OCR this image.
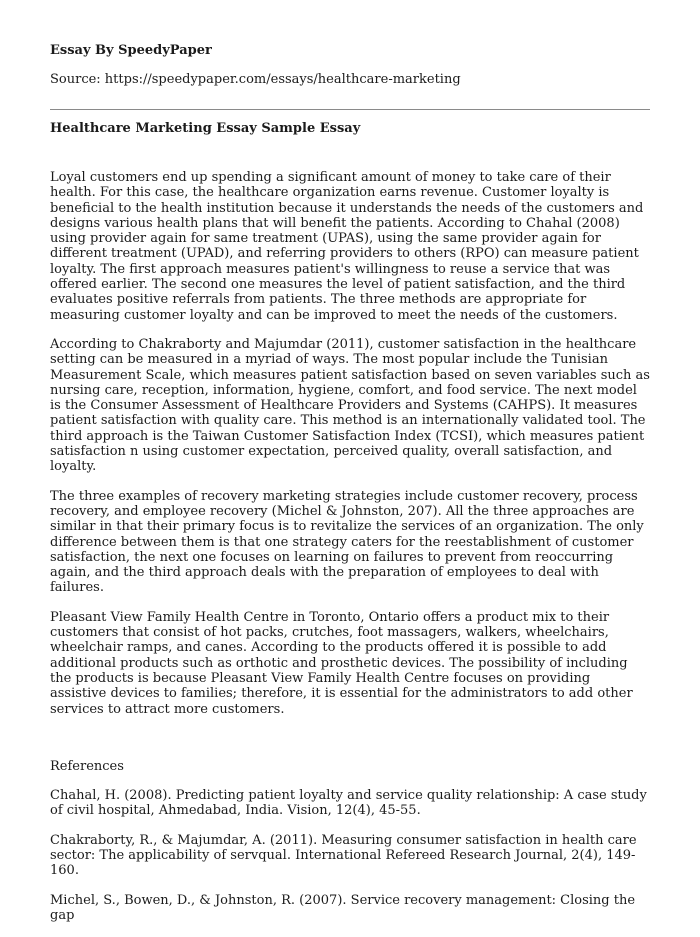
Essay By SpeedyPaper
Source: https://speedypaper.com/essays/healthcare-marketing
Healthcare Marketing Essay Sample Essay

Loyal customers end up spending a significant amount of money to take care of their health. For this case, the healthcare organization earns revenue. Customer loyalty is beneficial to the health institution because it understands the needs of the customers and designs various health plans that will benefit the patients. According to Chahal (2008) using provider again for same treatment (UPAS), using the same provider again for different treatment (UPAD), and referring providers to others (RPO) can measure patient loyalty. The first approach measures patient's willingness to reuse a service that was offered earlier. The second one measures the level of patient satisfaction, and the third evaluates positive referrals from patients. The three methods are appropriate for measuring customer loyalty and can be improved to meet the needs of the customers.

According to Chakraborty and Majumdar (2011), customer satisfaction in the healthcare setting can be measured in a myriad of ways. The most popular include the Tunisian Measurement Scale, which measures patient satisfaction based on seven variables such as nursing care, reception, information, hygiene, comfort, and food service. The next model is the Consumer Assessment of Healthcare Providers and Systems (CAHPS). It measures patient satisfaction with quality care. This method is an internationally validated tool. The third approach is the Taiwan Customer Satisfaction Index (TCSI), which measures patient satisfaction n using customer expectation, perceived quality, overall satisfaction, and loyalty.

The three examples of recovery marketing strategies include customer recovery, process recovery, and employee recovery (Michel & Johnston, 207). All the three approaches are similar in that their primary focus is to revitalize the services of an organization. The only difference between them is that one strategy caters for the reestablishment of customer satisfaction, the next one focuses on learning on failures to prevent from reoccurring again, and the third approach deals with the preparation of employees to deal with failures.

Pleasant View Family Health Centre in Toronto, Ontario offers a product mix to their customers that consist of hot packs, crutches, foot massagers, walkers, wheelchairs, wheelchair ramps, and canes. According to the products offered it is possible to add additional products such as orthotic and prosthetic devices. The possibility of including the products is because Pleasant View Family Health Centre focuses on providing assistive devices to families; therefore, it is essential for the administrators to add other services to attract more customers.

References

Chahal, H. (2008). Predicting patient loyalty and service quality relationship: A case study of civil hospital, Ahmedabad, India. Vision, 12(4), 45-55.

Chakraborty, R., & Majumdar, A. (2011). Measuring consumer satisfaction in health care sector: The applicability of servqual. International Refereed Research Journal, 2(4), 149-160.

Michel, S., Bowen, D., & Johnston, R. (2007). Service recovery management: Closing the gap
